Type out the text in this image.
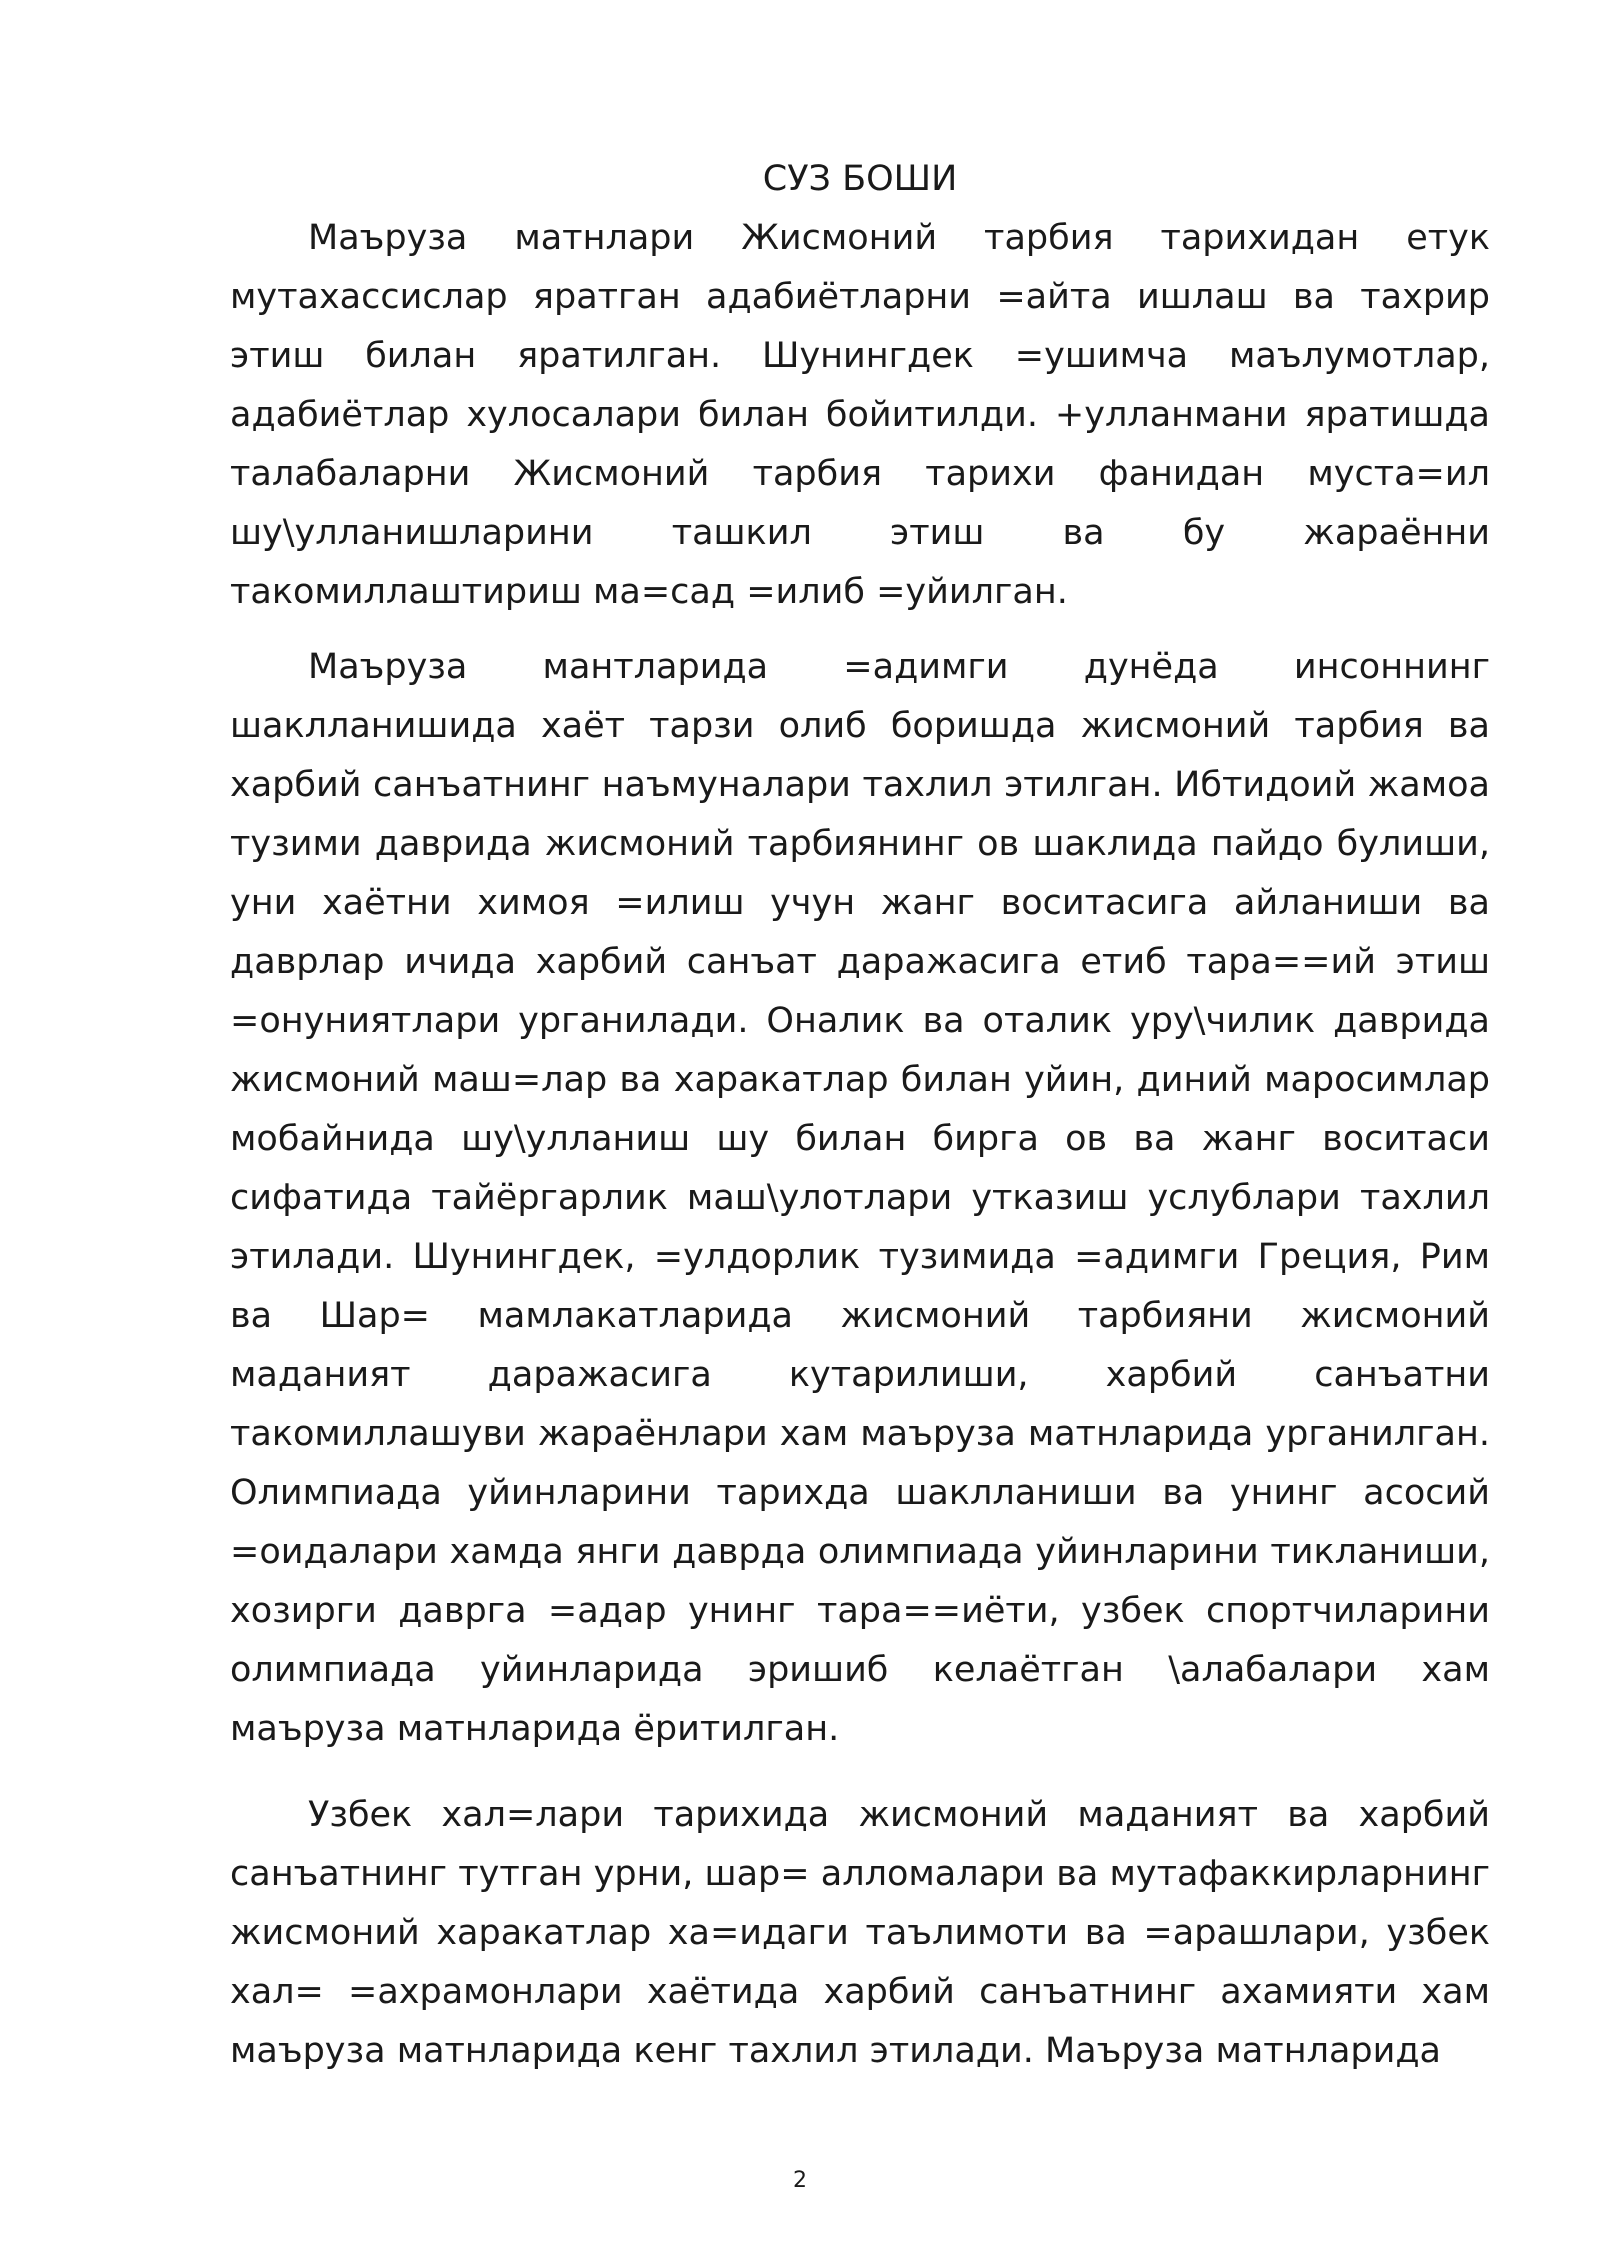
СУЗ БОШИ

Маъруза матнлари Жисмоний тарбия тарихидан етук мутахассислар яратган адабиётларни =айта ишлаш ва тахрир этиш билан яратилган. Шунингдек =ушимча маълумотлар, адабиётлар хулосалари билан бойитилди. +улланмани яратишда талабаларни Жисмоний тарбия тарихи фанидан муста=ил шу\улланишларини ташкил этиш ва бу жараённи такомиллаштириш ма=сад =илиб =уйилган.

Маъруза мантларида =адимги дунёда инсоннинг шаклланишида хаёт тарзи олиб боришда жисмоний тарбия ва харбий санъатнинг наъмуналари тахлил этилган. Ибтидоий жамоа тузими даврида жисмоний тарбиянинг ов шаклида пайдо булиши, уни хаётни химоя =илиш учун жанг воситасига айланиши ва даврлар ичида харбий санъат даражасига етиб тара==ий этиш =онуниятлари урганилади. Оналик ва оталик уру\чилик даврида жисмоний маш=лар ва харакатлар билан уйин, диний маросимлар мобайнида шу\улланиш шу билан бирга ов ва жанг воситаси сифатида тайёргарлик маш\улотлари утказиш услублари тахлил этилади. Шунингдек, =улдорлик тузимида =адимги Греция, Рим ва Шар= мамлакатларида жисмоний тарбияни жисмоний маданият даражасига кутарилиши, харбий санъатни такомиллашуви жараёнлари хам маъруза матнларида урганилган. Олимпиада уйинларини тарихда шаклланиши ва унинг асосий =оидалари хамда янги даврда олимпиада уйинларини тикланиши, хозирги даврга =адар унинг тара==иёти, узбек спортчиларини олимпиада уйинларида эришиб келаётган \алабалари хам маъруза матнларида ёритилган.

Узбек хал=лари тарихида жисмоний маданият ва харбий санъатнинг тутган урни, шар= алломалари ва мутафаккирларнинг жисмоний харакатлар ха=идаги таълимоти ва =арашлари, узбек хал= =ахрамонлари хаётида харбий санъатнинг ахамияти хам маъруза матнларида кенг тахлил этилади. Маъруза матнларида

2
